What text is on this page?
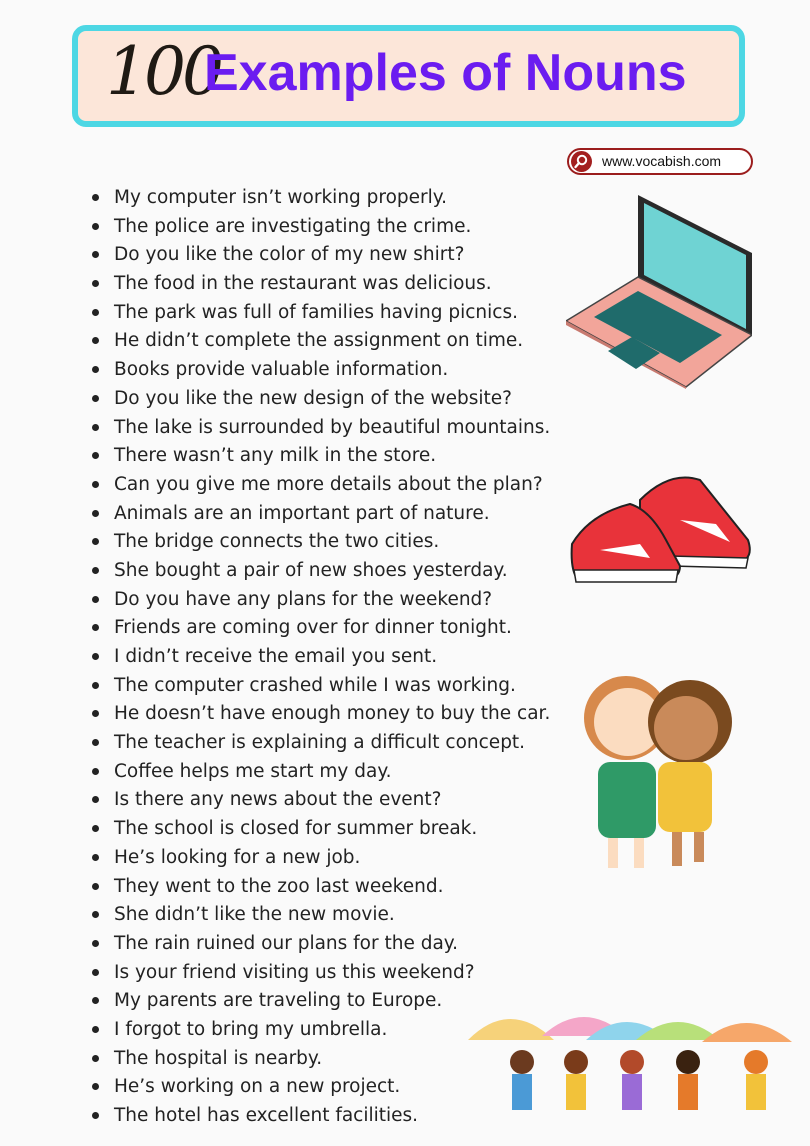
100
Examples of Nouns
www.vocabish.com
My computer isn’t working properly.
The police are investigating the crime.
Do you like the color of my new shirt?
The food in the restaurant was delicious.
The park was full of families having picnics.
He didn’t complete the assignment on time.
Books provide valuable information.
Do you like the new design of the website?
The lake is surrounded by beautiful mountains.
There wasn’t any milk in the store.
Can you give me more details about the plan?
Animals are an important part of nature.
The bridge connects the two cities.
She bought a pair of new shoes yesterday.
Do you have any plans for the weekend?
Friends are coming over for dinner tonight.
I didn’t receive the email you sent.
The computer crashed while I was working.
He doesn’t have enough money to buy the car.
The teacher is explaining a difficult concept.
Coffee helps me start my day.
Is there any news about the event?
The school is closed for summer break.
He’s looking for a new job.
They went to the zoo last weekend.
She didn’t like the new movie.
The rain ruined our plans for the day.
Is your friend visiting us this weekend?
My parents are traveling to Europe.
I forgot to bring my umbrella.
The hospital is nearby.
He’s working on a new project.
The hotel has excellent facilities.
